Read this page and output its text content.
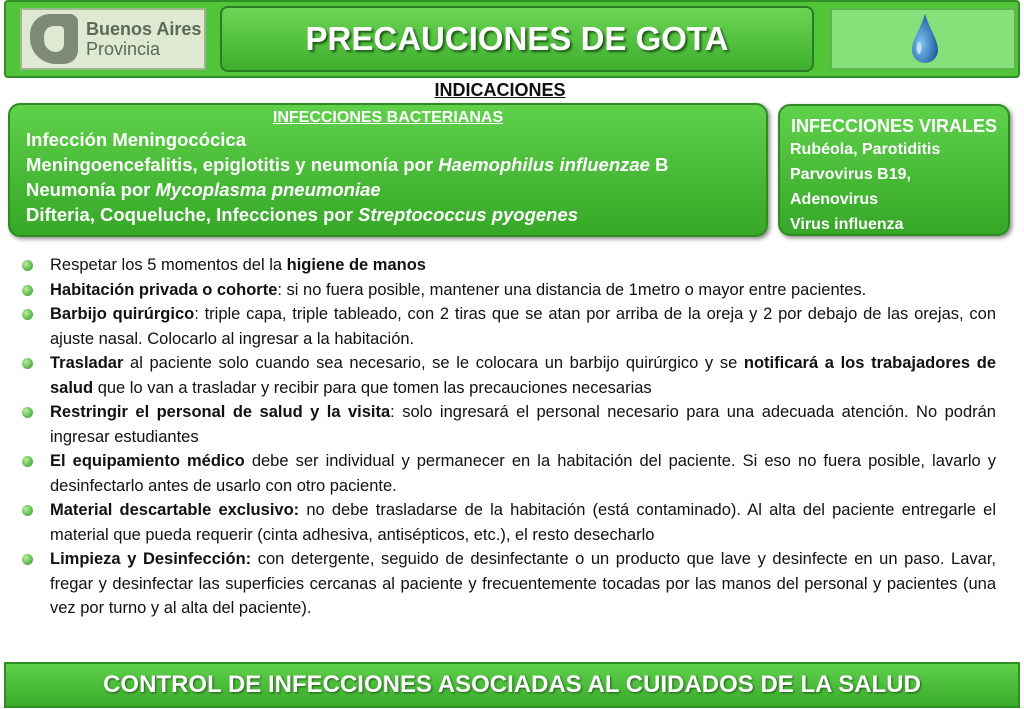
Buenos Aires
Provincia	PRECAUCIONES DE GOTA
INDICACIONES
INFECCIONES BACTERIANAS
Infección Meningocócica
Meningoencefalitis, epiglotitis y neumonía por Haemophilus influenzae B
Neumonía por Mycoplasma pneumoniae
Difteria, Coqueluche, Infecciones por Streptococcus pyogenes
INFECCIONES VIRALES
Rubéola, Parotiditis
Parvovirus B19,
Adenovirus
Virus influenza
Respetar los 5 momentos del la higiene de manos
Habitación privada o cohorte: si no fuera posible, mantener una distancia de 1metro o mayor entre pacientes.
Barbijo quirúrgico: triple capa, triple tableado, con 2 tiras que se atan por arriba de la oreja y 2 por debajo de las orejas, con ajuste nasal. Colocarlo al ingresar a la habitación.
Trasladar al paciente solo cuando sea necesario, se le colocara un barbijo quirúrgico y se notificará a los trabajadores de salud que lo van a trasladar y recibir para que tomen las precauciones necesarias
Restringir el personal de salud y la visita: solo ingresará el personal necesario para una adecuada atención. No podrán ingresar estudiantes
El equipamiento médico debe ser individual y permanecer en la habitación del paciente. Si eso no fuera posible, lavarlo y desinfectarlo antes de usarlo con otro paciente.
Material descartable exclusivo: no debe trasladarse de la habitación (está contaminado). Al alta del paciente entregarle el material que pueda requerir (cinta adhesiva, antisépticos, etc.), el resto desecharlo
Limpieza y Desinfección: con detergente, seguido de desinfectante o un producto que lave y desinfecte en un paso. Lavar, fregar y desinfectar las superficies cercanas al paciente y frecuentemente tocadas por las manos del personal y pacientes (una vez por turno y al alta del paciente).
CONTROL DE INFECCIONES ASOCIADAS AL CUIDADOS DE LA SALUD
